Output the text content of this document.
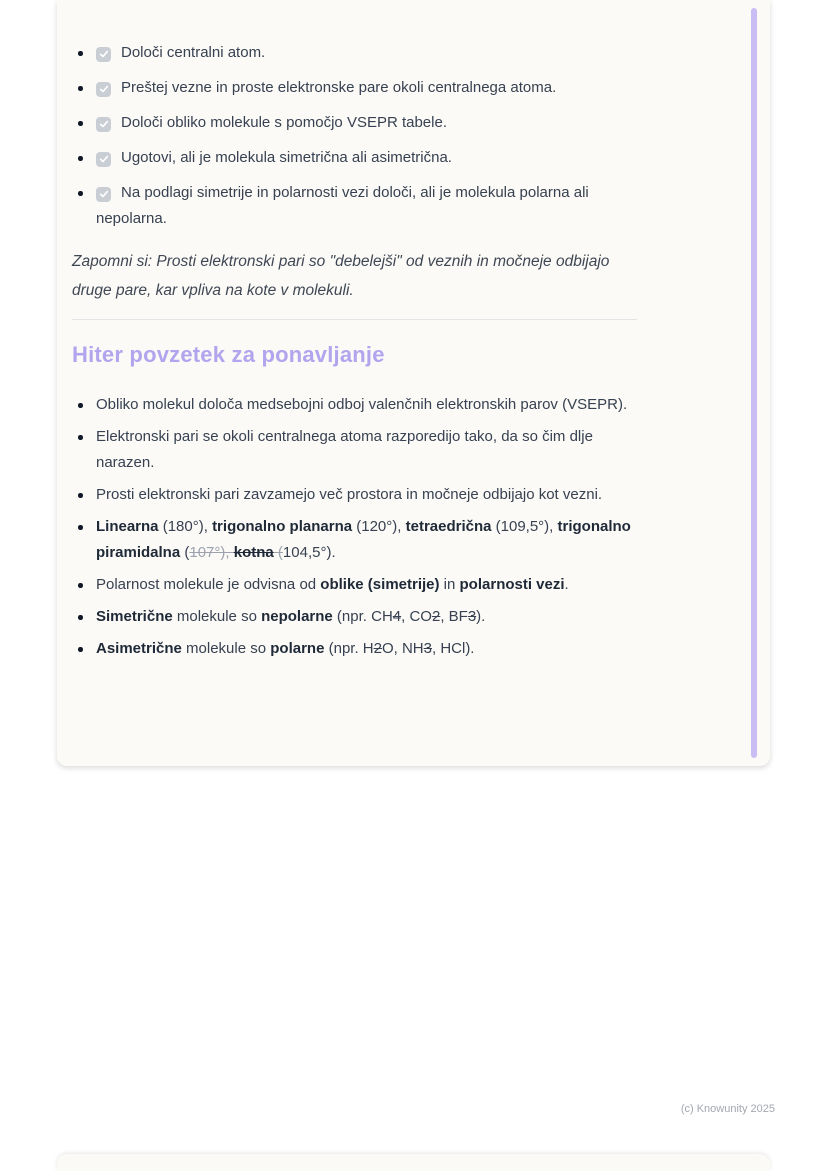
Določi centralni atom.
Preštej vezne in proste elektronske pare okoli centralnega atoma.
Določi obliko molekule s pomočjo VSEPR tabele.
Ugotovi, ali je molekula simetrična ali asimetrična.
Na podlagi simetrije in polarnosti vezi določi, ali je molekula polarna ali nepolarna.

Zapomni si: Prosti elektronski pari so "debelejši" od veznih in močneje odbijajo druge pare, kar vpliva na kote v molekuli.

Hiter povzetek za ponavljanje
Obliko molekul določa medsebojni odboj valenčnih elektronskih parov (VSEPR).
Elektronski pari se okoli centralnega atoma razporedijo tako, da so čim dlje narazen.
Prosti elektronski pari zavzamejo več prostora in močneje odbijajo kot vezni.
Linearna (180°), trigonalno planarna (120°), tetraedrična (109,5°), trigonalno piramidalna (107°), kotna (104,5°).
Polarnost molekule je odvisna od oblike (simetrije) in polarnosti vezi.
Simetrične molekule so nepolarne (npr. CH4, CO2, BF3).
Asimetrične molekule so polarne (npr. H2O, NH3, HCl).
(c) Knowunity 2025
